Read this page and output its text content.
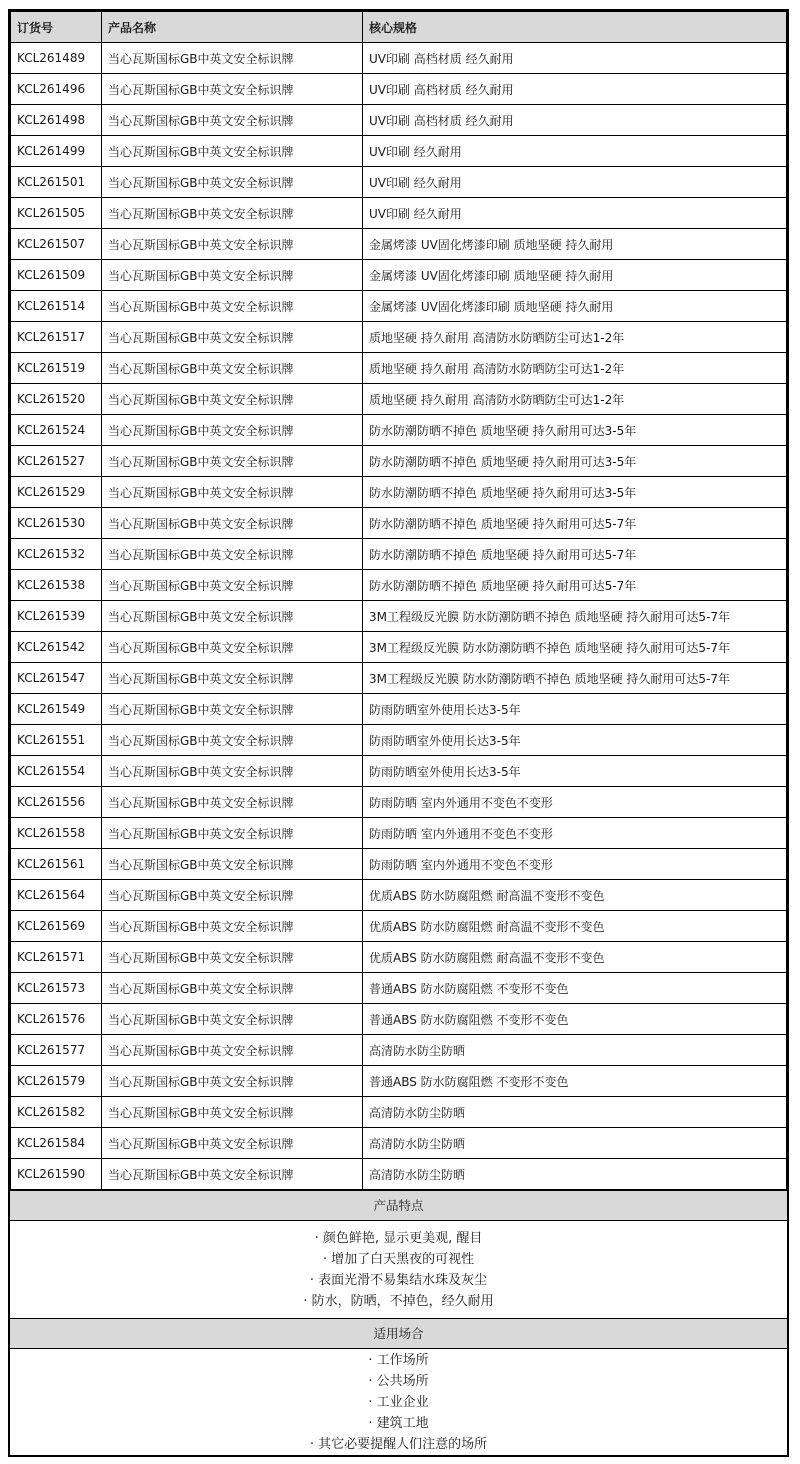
订货号	产品名称	核心规格
KCL261489	当心瓦斯国标GB中英文安全标识牌	UV印刷 高档材质 经久耐用
KCL261496	当心瓦斯国标GB中英文安全标识牌	UV印刷 高档材质 经久耐用
KCL261498	当心瓦斯国标GB中英文安全标识牌	UV印刷 高档材质 经久耐用
KCL261499	当心瓦斯国标GB中英文安全标识牌	UV印刷 经久耐用
KCL261501	当心瓦斯国标GB中英文安全标识牌	UV印刷 经久耐用
KCL261505	当心瓦斯国标GB中英文安全标识牌	UV印刷 经久耐用
KCL261507	当心瓦斯国标GB中英文安全标识牌	金属烤漆 UV固化烤漆印刷 质地坚硬 持久耐用
KCL261509	当心瓦斯国标GB中英文安全标识牌	金属烤漆 UV固化烤漆印刷 质地坚硬 持久耐用
KCL261514	当心瓦斯国标GB中英文安全标识牌	金属烤漆 UV固化烤漆印刷 质地坚硬 持久耐用
KCL261517	当心瓦斯国标GB中英文安全标识牌	质地坚硬 持久耐用 高清防水防晒防尘可达1-2年
KCL261519	当心瓦斯国标GB中英文安全标识牌	质地坚硬 持久耐用 高清防水防晒防尘可达1-2年
KCL261520	当心瓦斯国标GB中英文安全标识牌	质地坚硬 持久耐用 高清防水防晒防尘可达1-2年
KCL261524	当心瓦斯国标GB中英文安全标识牌	防水防潮防晒不掉色 质地坚硬 持久耐用可达3-5年
KCL261527	当心瓦斯国标GB中英文安全标识牌	防水防潮防晒不掉色 质地坚硬 持久耐用可达3-5年
KCL261529	当心瓦斯国标GB中英文安全标识牌	防水防潮防晒不掉色 质地坚硬 持久耐用可达3-5年
KCL261530	当心瓦斯国标GB中英文安全标识牌	防水防潮防晒不掉色 质地坚硬 持久耐用可达5-7年
KCL261532	当心瓦斯国标GB中英文安全标识牌	防水防潮防晒不掉色 质地坚硬 持久耐用可达5-7年
KCL261538	当心瓦斯国标GB中英文安全标识牌	防水防潮防晒不掉色 质地坚硬 持久耐用可达5-7年
KCL261539	当心瓦斯国标GB中英文安全标识牌	3M工程级反光膜 防水防潮防晒不掉色 质地坚硬 持久耐用可达5-7年
KCL261542	当心瓦斯国标GB中英文安全标识牌	3M工程级反光膜 防水防潮防晒不掉色 质地坚硬 持久耐用可达5-7年
KCL261547	当心瓦斯国标GB中英文安全标识牌	3M工程级反光膜 防水防潮防晒不掉色 质地坚硬 持久耐用可达5-7年
KCL261549	当心瓦斯国标GB中英文安全标识牌	防雨防晒室外使用长达3-5年
KCL261551	当心瓦斯国标GB中英文安全标识牌	防雨防晒室外使用长达3-5年
KCL261554	当心瓦斯国标GB中英文安全标识牌	防雨防晒室外使用长达3-5年
KCL261556	当心瓦斯国标GB中英文安全标识牌	防雨防晒 室内外通用不变色不变形
KCL261558	当心瓦斯国标GB中英文安全标识牌	防雨防晒 室内外通用不变色不变形
KCL261561	当心瓦斯国标GB中英文安全标识牌	防雨防晒 室内外通用不变色不变形
KCL261564	当心瓦斯国标GB中英文安全标识牌	优质ABS 防水防腐阻燃 耐高温不变形不变色
KCL261569	当心瓦斯国标GB中英文安全标识牌	优质ABS 防水防腐阻燃 耐高温不变形不变色
KCL261571	当心瓦斯国标GB中英文安全标识牌	优质ABS 防水防腐阻燃 耐高温不变形不变色
KCL261573	当心瓦斯国标GB中英文安全标识牌	普通ABS 防水防腐阻燃 不变形不变色
KCL261576	当心瓦斯国标GB中英文安全标识牌	普通ABS 防水防腐阻燃 不变形不变色
KCL261577	当心瓦斯国标GB中英文安全标识牌	高清防水防尘防晒
KCL261579	当心瓦斯国标GB中英文安全标识牌	普通ABS 防水防腐阻燃 不变形不变色
KCL261582	当心瓦斯国标GB中英文安全标识牌	高清防水防尘防晒
KCL261584	当心瓦斯国标GB中英文安全标识牌	高清防水防尘防晒
KCL261590	当心瓦斯国标GB中英文安全标识牌	高清防水防尘防晒
产品特点
· 颜色鲜艳, 显示更美观, 醒目
· 增加了白天黑夜的可视性
· 表面光滑不易集结水珠及灰尘
· 防水，防晒，不掉色，经久耐用
适用场合
· 工作场所
· 公共场所
· 工业企业
· 建筑工地
· 其它必要提醒人们注意的场所
